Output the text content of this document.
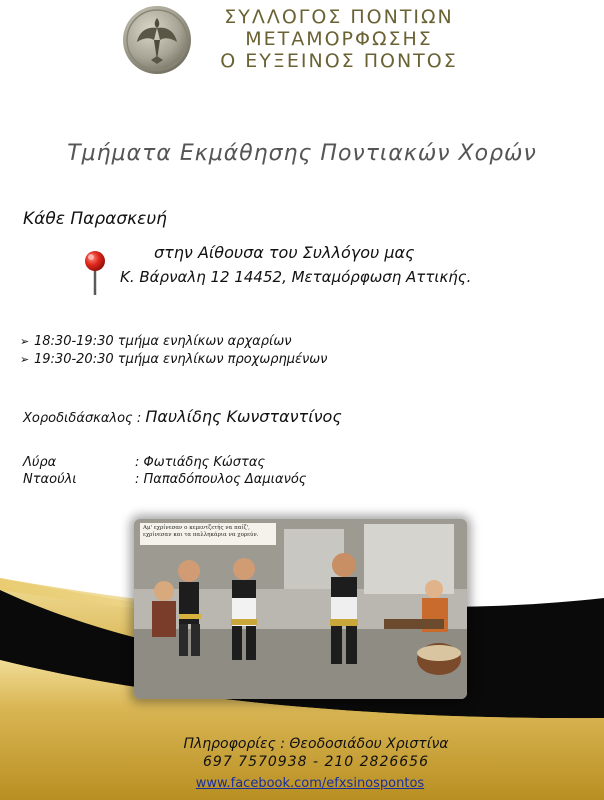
ΣΥΛΛΟΓΟΣ ΠΟΝΤΙΩΝ
ΜΕΤΑΜΟΡΦΩΣΗΣ
Ο ΕΥΞΕΙΝΟΣ ΠΟΝΤΟΣ
Τμήματα Εκμάθησης Ποντιακών Χορών
Κάθε Παρασκευή
στην Αίθουσα του Συλλόγου μας
Κ. Βάρναλη 12 14452, Μεταμόρφωση Αττικής.
➢ 18:30-19:30 τμήμα ενηλίκων αρχαρίων
➢ 19:30-20:30 τμήμα ενηλίκων προχωρημένων
Χοροδιδάσκαλος : Παυλίδης Κωνσταντίνος
Λύρα	: Φωτιάδης Κώστας
Νταούλι	: Παπαδόπουλος Δαμιανός
Αμ' εχρίνεσαν ο κεμεντζετής να παίζ',
εχρίνεσαν και τα παλληκάρια να χορεύν.
Πληροφορίες : Θεοδοσιάδου Χριστίνα
697 7570938 - 210 2826656
www.facebook.com/efxsinospontos
